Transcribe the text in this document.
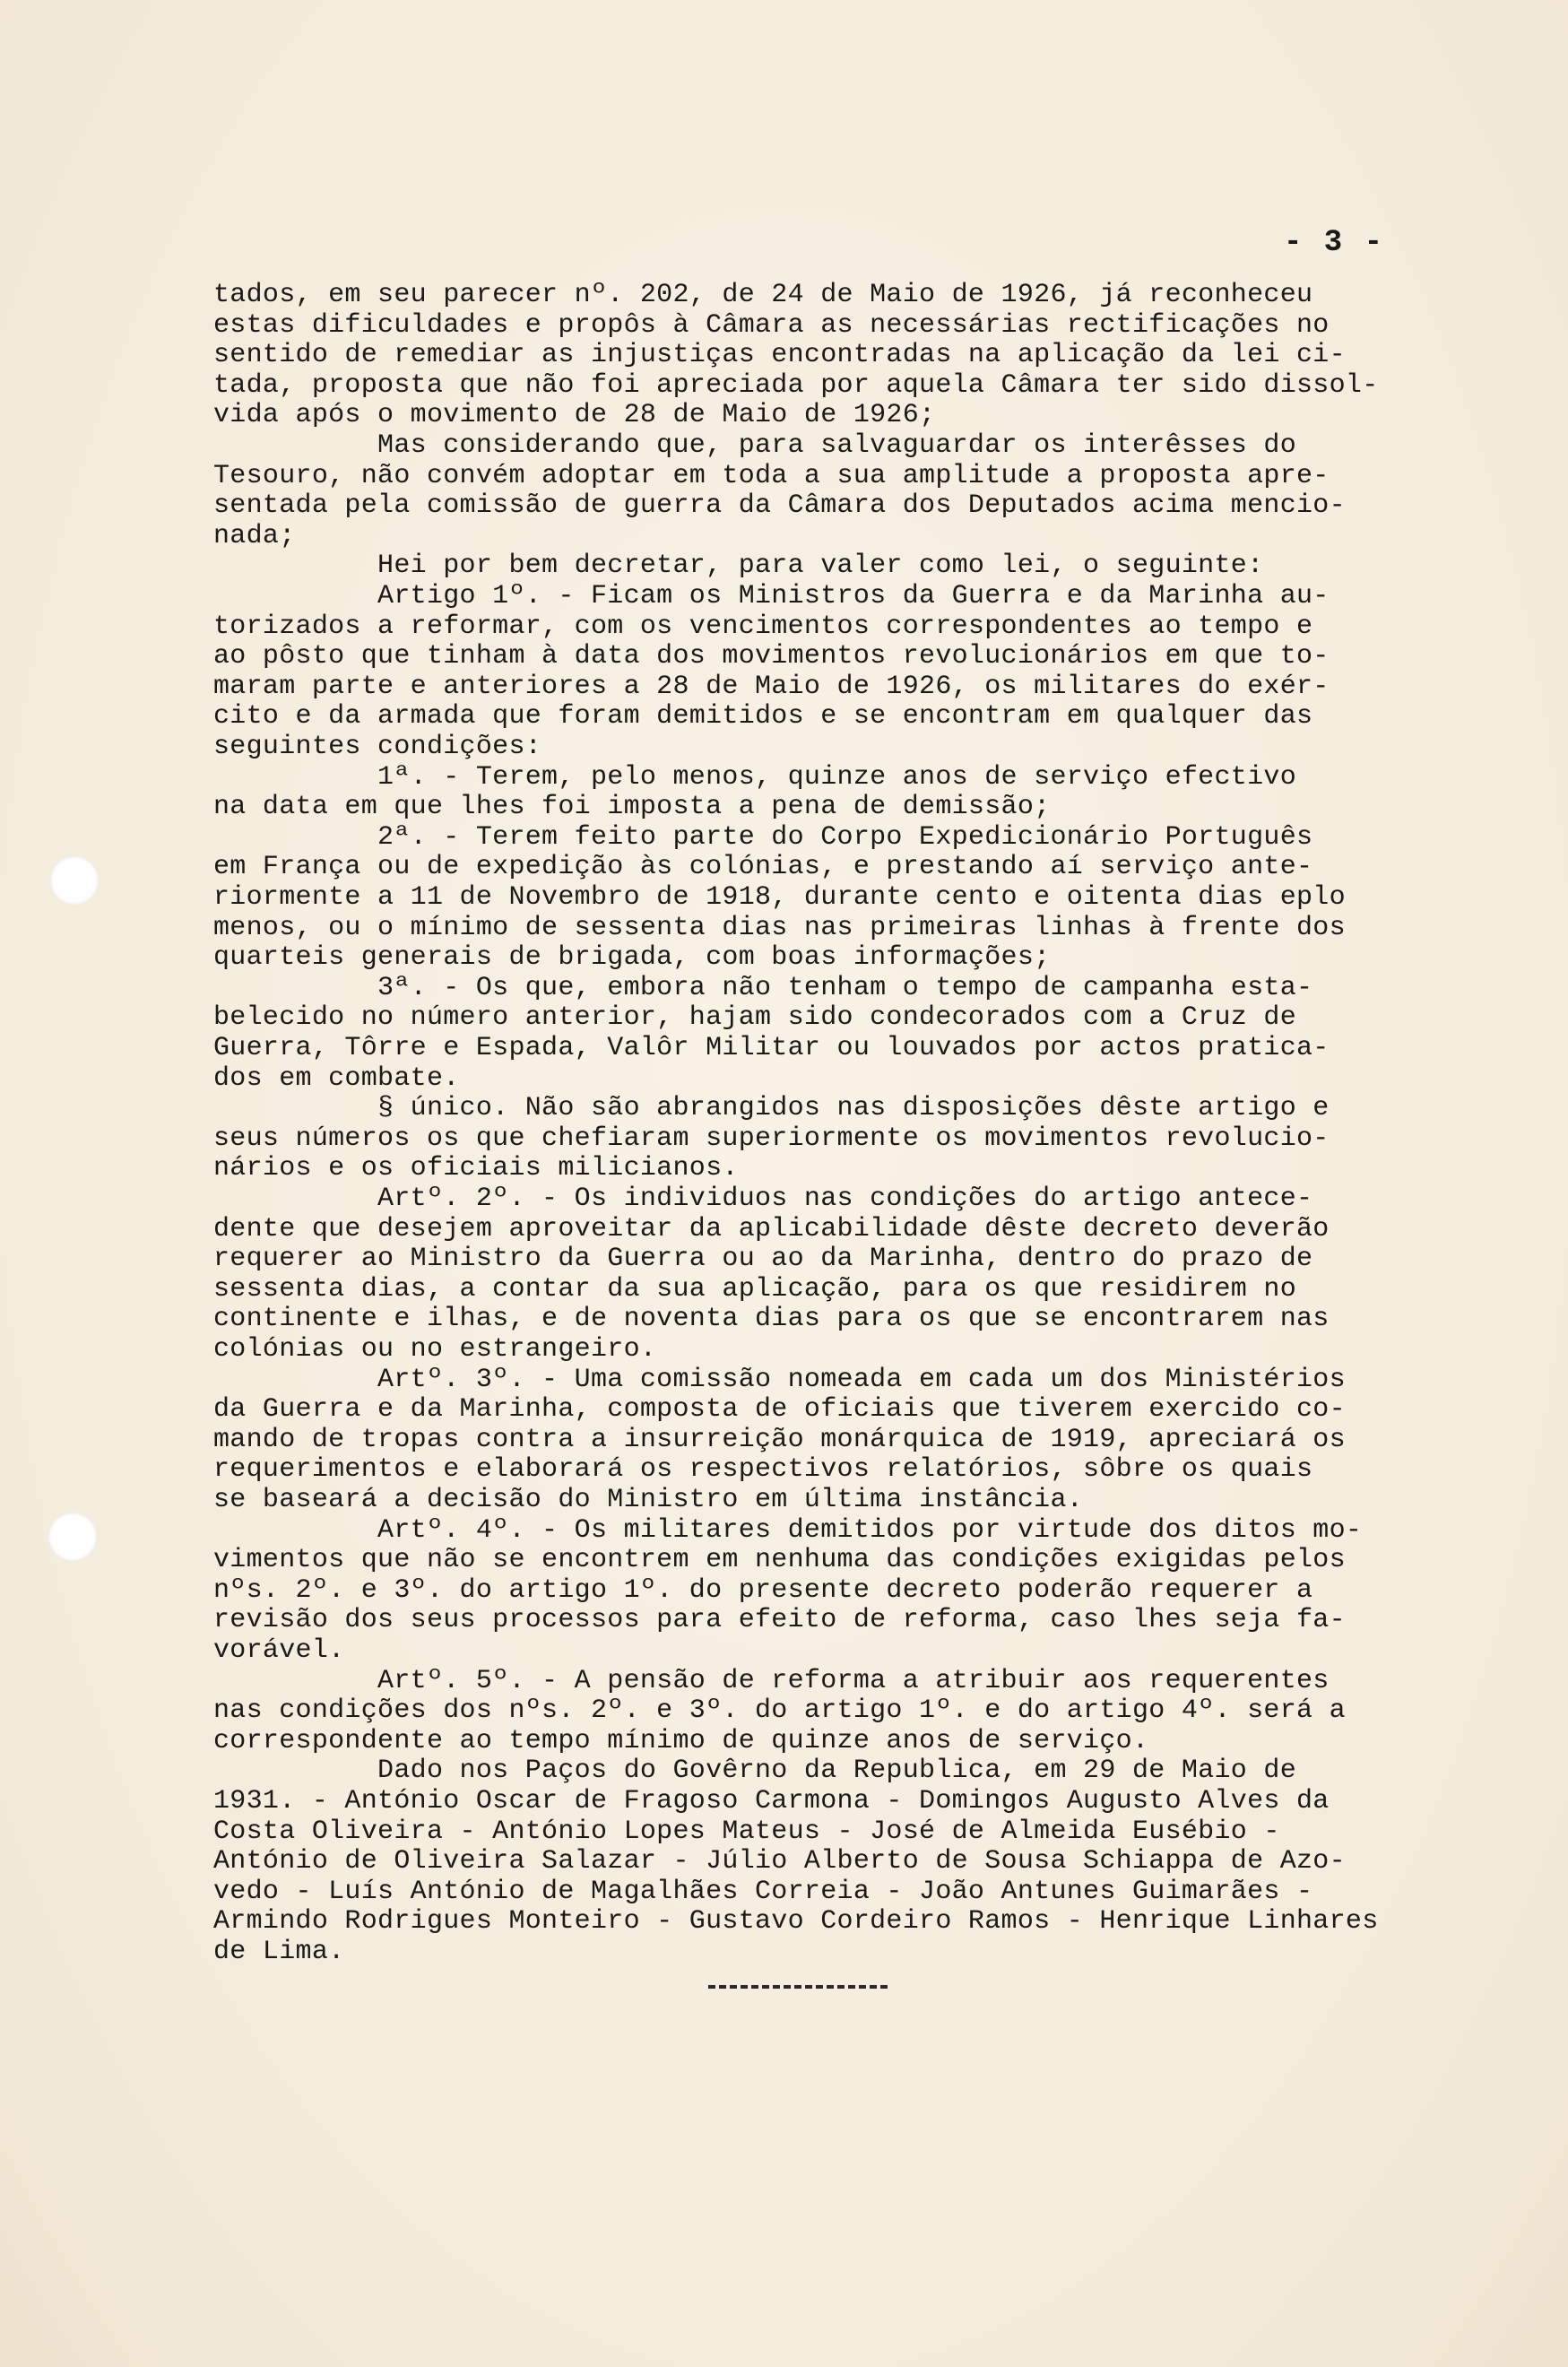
- 3 -
tados, em seu parecer nº. 202, de 24 de Maio de 1926, já reconheceu
estas dificuldades e propôs à Câmara as necessárias rectificações no
sentido de remediar as injustiças encontradas na aplicação da lei ci-
tada, proposta que não foi apreciada por aquela Câmara ter sido dissol-
vida após o movimento de 28 de Maio de 1926;
Mas considerando que, para salvaguardar os interêsses do
Tesouro, não convém adoptar em toda a sua amplitude a proposta apre-
sentada pela comissão de guerra da Câmara dos Deputados acima mencio-
nada;
Hei por bem decretar, para valer como lei, o seguinte:
Artigo 1º. - Ficam os Ministros da Guerra e da Marinha au-
torizados a reformar, com os vencimentos correspondentes ao tempo e
ao pôsto que tinham à data dos movimentos revolucionários em que to-
maram parte e anteriores a 28 de Maio de 1926, os militares do exér-
cito e da armada que foram demitidos e se encontram em qualquer das
seguintes condições:
1ª. - Terem, pelo menos, quinze anos de serviço efectivo
na data em que lhes foi imposta a pena de demissão;
2ª. - Terem feito parte do Corpo Expedicionário Português
em França ou de expedição às colónias, e prestando aí serviço ante-
riormente a 11 de Novembro de 1918, durante cento e oitenta dias eplo
menos, ou o mínimo de sessenta dias nas primeiras linhas à frente dos
quarteis generais de brigada, com boas informações;
3ª. - Os que, embora não tenham o tempo de campanha esta-
belecido no número anterior, hajam sido condecorados com a Cruz de
Guerra, Tôrre e Espada, Valôr Militar ou louvados por actos pratica-
dos em combate.
§ único. Não são abrangidos nas disposições dêste artigo e
seus números os que chefiaram superiormente os movimentos revolucio-
nários e os oficiais milicianos.
Artº. 2º. - Os individuos nas condições do artigo antece-
dente que desejem aproveitar da aplicabilidade dêste decreto deverão
requerer ao Ministro da Guerra ou ao da Marinha, dentro do prazo de
sessenta dias, a contar da sua aplicação, para os que residirem no
continente e ilhas, e de noventa dias para os que se encontrarem nas
colónias ou no estrangeiro.
Artº. 3º. - Uma comissão nomeada em cada um dos Ministérios
da Guerra e da Marinha, composta de oficiais que tiverem exercido co-
mando de tropas contra a insurreição monárquica de 1919, apreciará os
requerimentos e elaborará os respectivos relatórios, sôbre os quais
se baseará a decisão do Ministro em última instância.
Artº. 4º. - Os militares demitidos por virtude dos ditos mo-
vimentos que não se encontrem em nenhuma das condições exigidas pelos
nºs. 2º. e 3º. do artigo 1º. do presente decreto poderão requerer a
revisão dos seus processos para efeito de reforma, caso lhes seja fa-
vorável.
Artº. 5º. - A pensão de reforma a atribuir aos requerentes
nas condições dos nºs. 2º. e 3º. do artigo 1º. e do artigo 4º. será a
correspondente ao tempo mínimo de quinze anos de serviço.
Dado nos Paços do Govêrno da Republica, em 29 de Maio de
1931. - António Oscar de Fragoso Carmona - Domingos Augusto Alves da
Costa Oliveira - António Lopes Mateus - José de Almeida Eusébio -
António de Oliveira Salazar - Júlio Alberto de Sousa Schiappa de Azo-
vedo - Luís António de Magalhães Correia - João Antunes Guimarães -
Armindo Rodrigues Monteiro - Gustavo Cordeiro Ramos - Henrique Linhares
de Lima.
